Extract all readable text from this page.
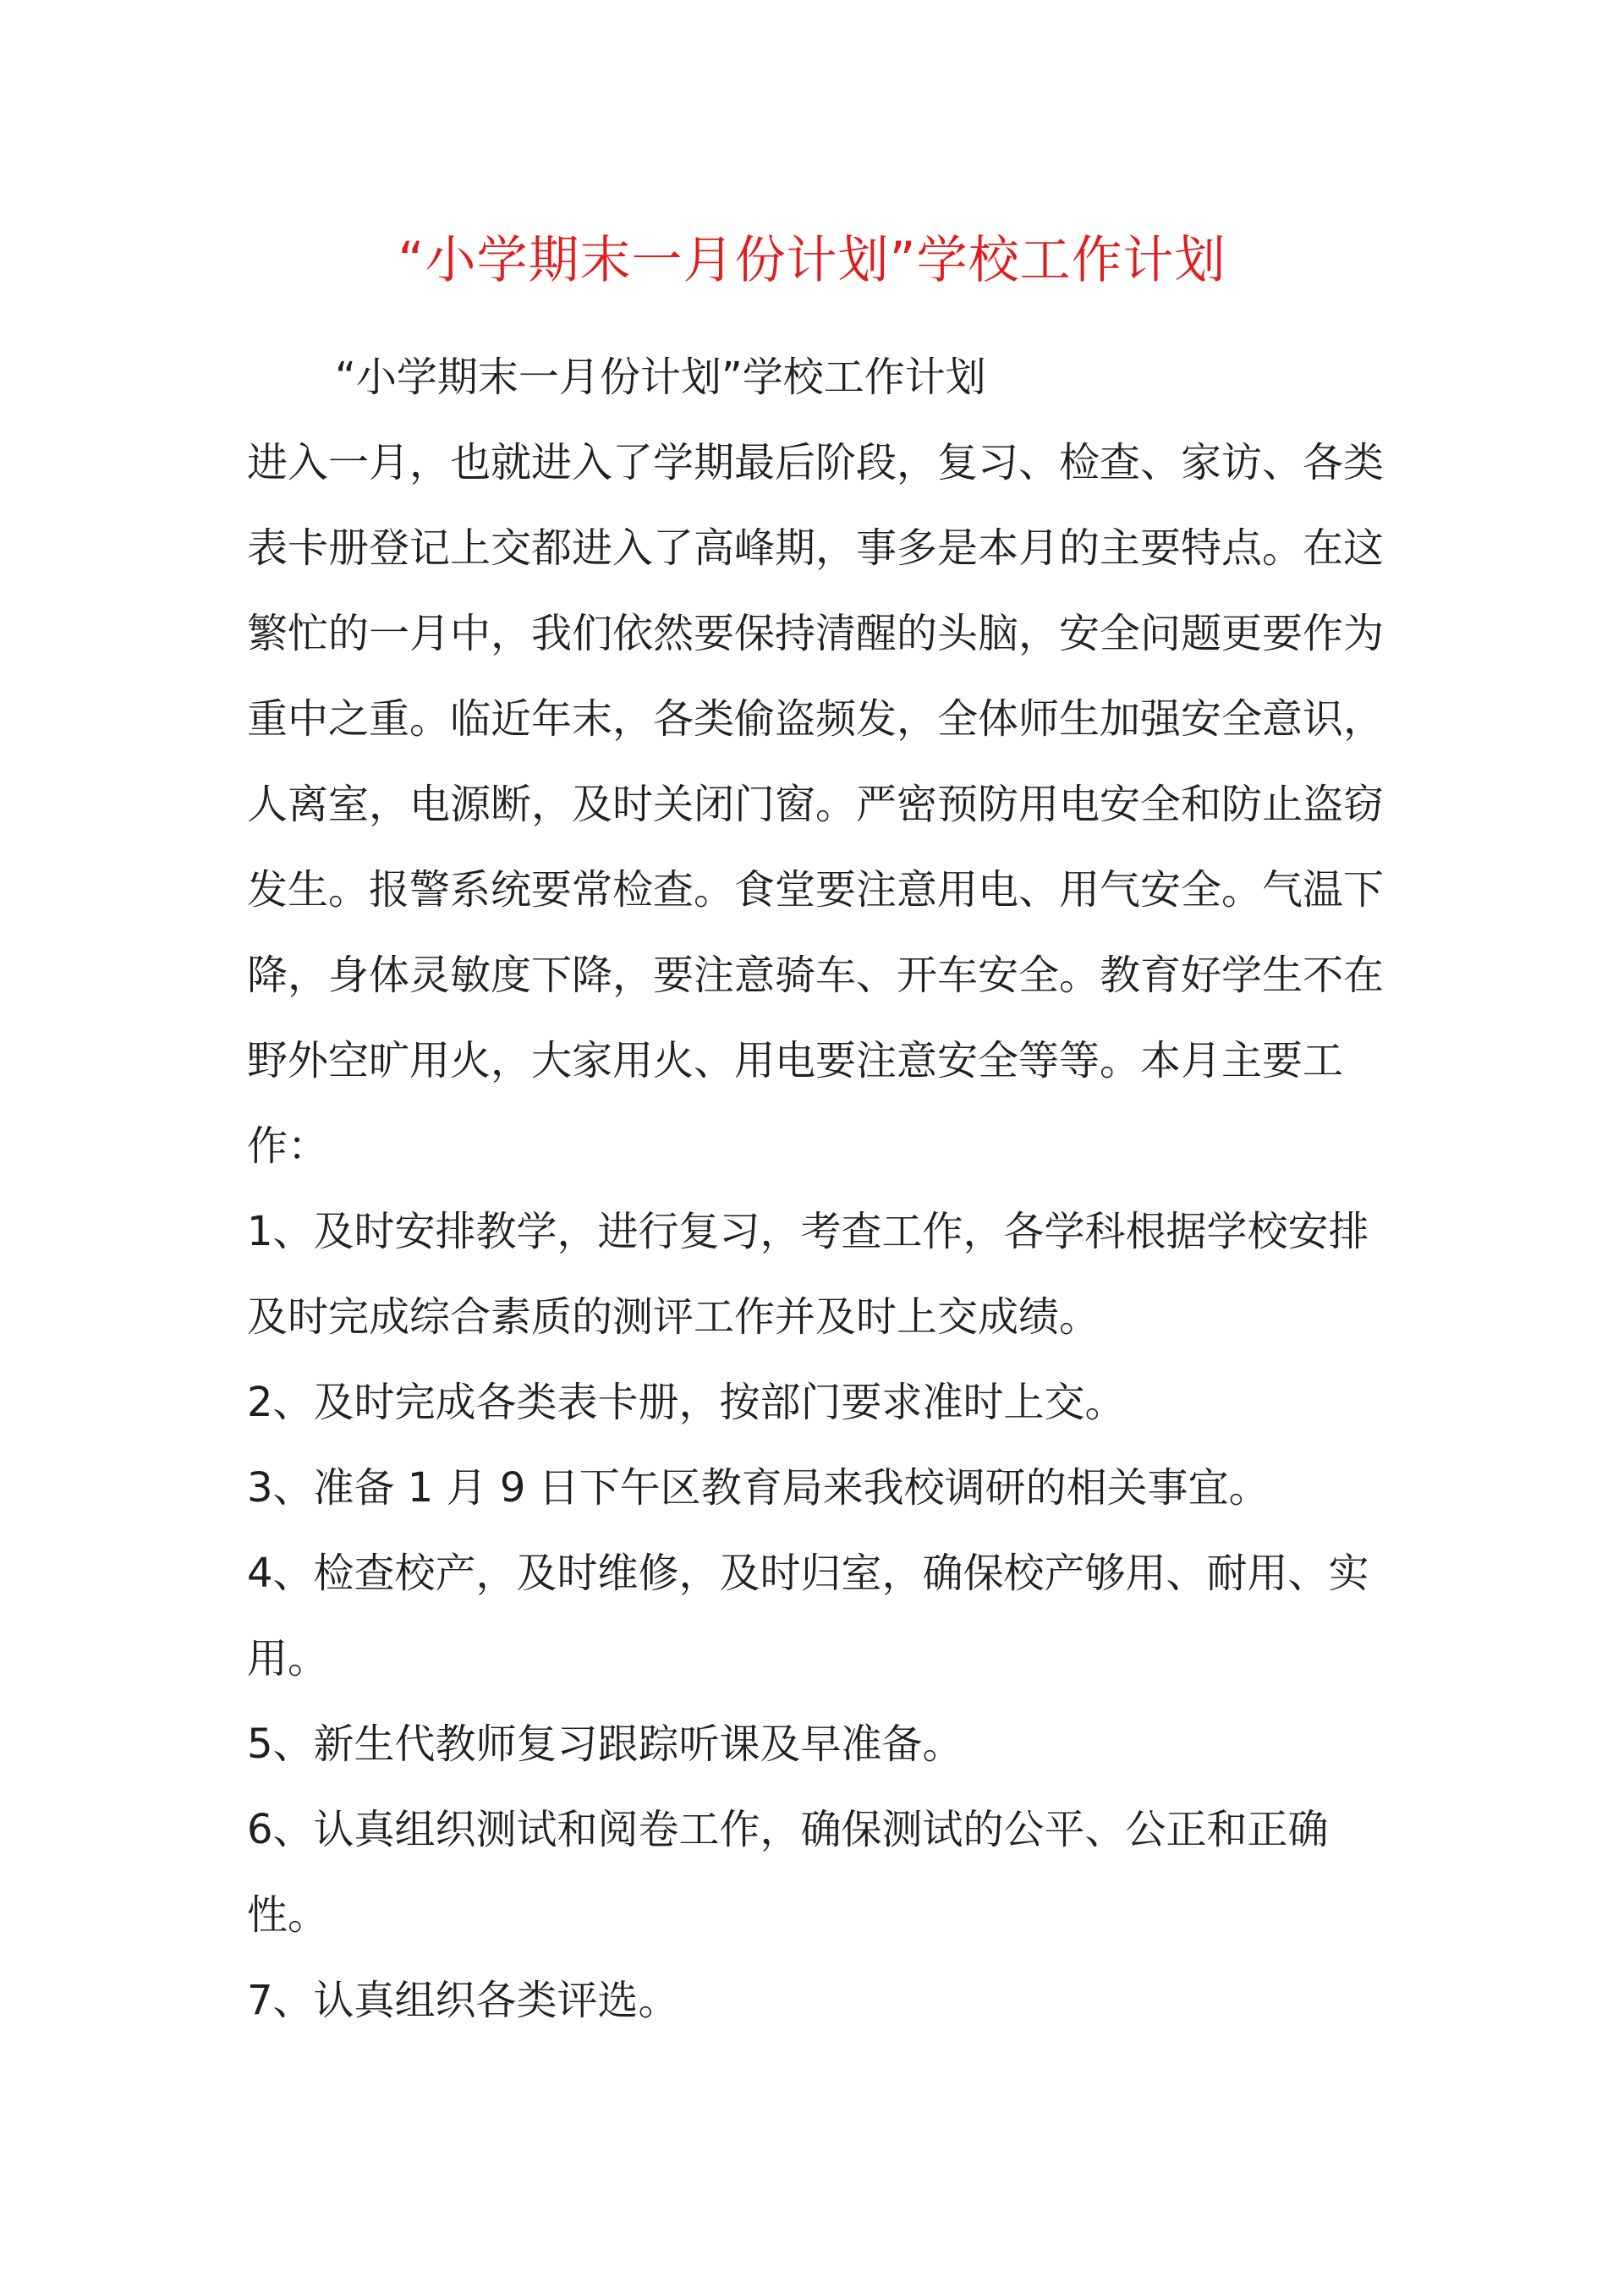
“小学期末一月份计划”学校工作计划

“小学期末一月份计划”学校工作计划

进入一月，也就进入了学期最后阶段，复习、检查、家访、各类表卡册登记上交都进入了高峰期，事多是本月的主要特点。在这繁忙的一月中，我们依然要保持清醒的头脑，安全问题更要作为重中之重。临近年末，各类偷盗频发，全体师生加强安全意识，人离室，电源断，及时关闭门窗。严密预防用电安全和防止盗窃发生。报警系统要常检查。食堂要注意用电、用气安全。气温下降，身体灵敏度下降，要注意骑车、开车安全。教育好学生不在野外空旷用火，大家用火、用电要注意安全等等。本月主要工作：

1、及时安排教学，进行复习，考查工作，各学科根据学校安排及时完成综合素质的测评工作并及时上交成绩。

2、及时完成各类表卡册，按部门要求准时上交。

3、准备 1 月 9 日下午区教育局来我校调研的相关事宜。

4、检查校产，及时维修，及时归室，确保校产够用、耐用、实用。

5、新生代教师复习跟踪听课及早准备。

6、认真组织测试和阅卷工作，确保测试的公平、公正和正确性。

7、认真组织各类评选。
